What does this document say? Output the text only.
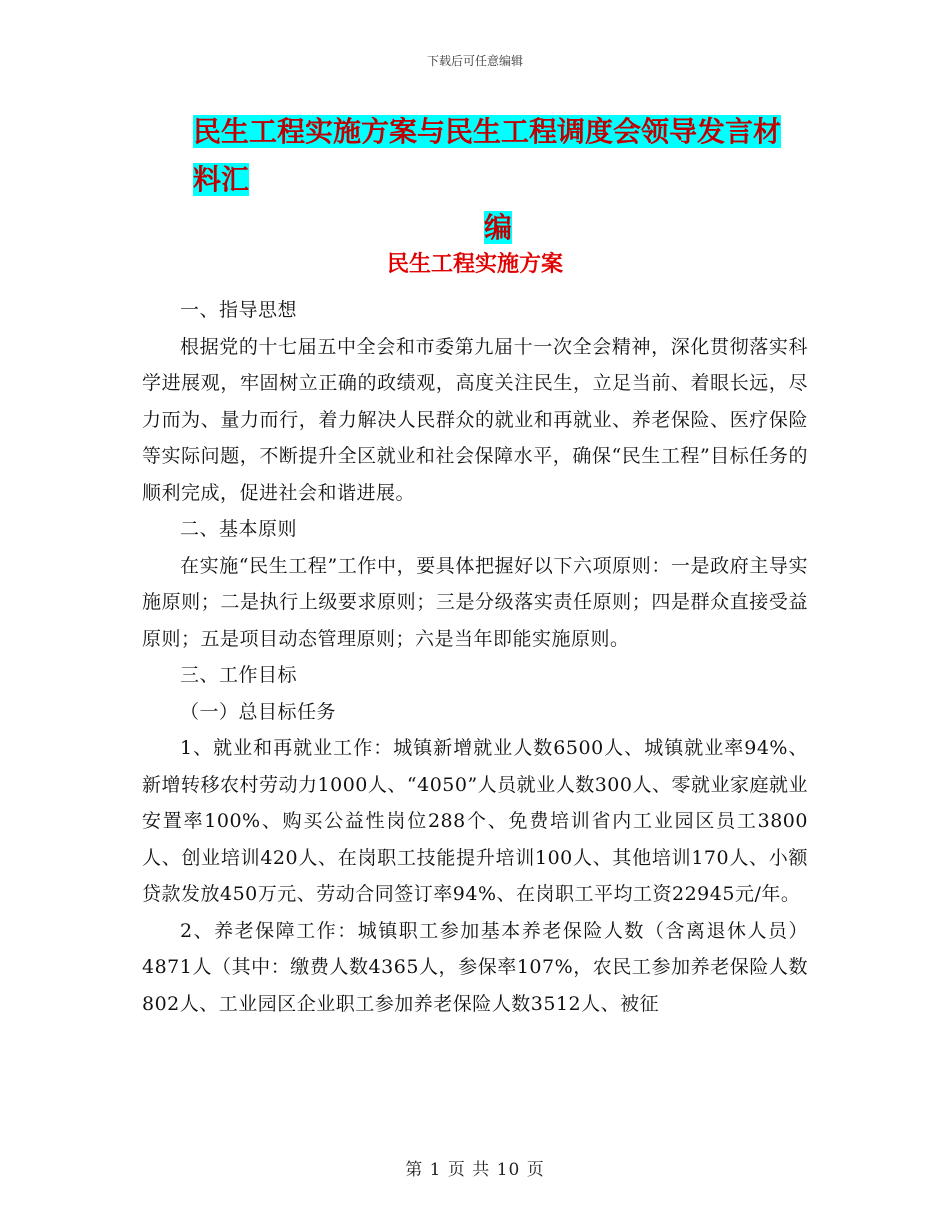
下载后可任意编辑
民生工程实施方案与民生工程调度会领导发言材料汇
编
民生工程实施方案

一、指导思想

根据党的十七届五中全会和市委第九届十一次全会精神，深化贯彻落实科学进展观，牢固树立正确的政绩观，高度关注民生，立足当前、着眼长远，尽力而为、量力而行，着力解决人民群众的就业和再就业、养老保险、医疗保险等实际问题，不断提升全区就业和社会保障水平，确保“民生工程”目标任务的顺利完成，促进社会和谐进展。

二、基本原则

在实施“民生工程”工作中，要具体把握好以下六项原则：一是政府主导实施原则；二是执行上级要求原则；三是分级落实责任原则；四是群众直接受益原则；五是项目动态管理原则；六是当年即能实施原则。

三、工作目标

（一）总目标任务

1、就业和再就业工作：城镇新增就业人数6500人、城镇就业率94%、新增转移农村劳动力1000人、“4050”人员就业人数300人、零就业家庭就业安置率100%、购买公益性岗位288个、免费培训省内工业园区员工3800人、创业培训420人、在岗职工技能提升培训100人、其他培训170人、小额贷款发放450万元、劳动合同签订率94%、在岗职工平均工资22945元/年。

2、养老保障工作：城镇职工参加基本养老保险人数（含离退休人员）4871人（其中：缴费人数4365人，参保率107%，农民工参加养老保险人数802人、工业园区企业职工参加养老保险人数3512人、被征

第 1 页 共 10 页
